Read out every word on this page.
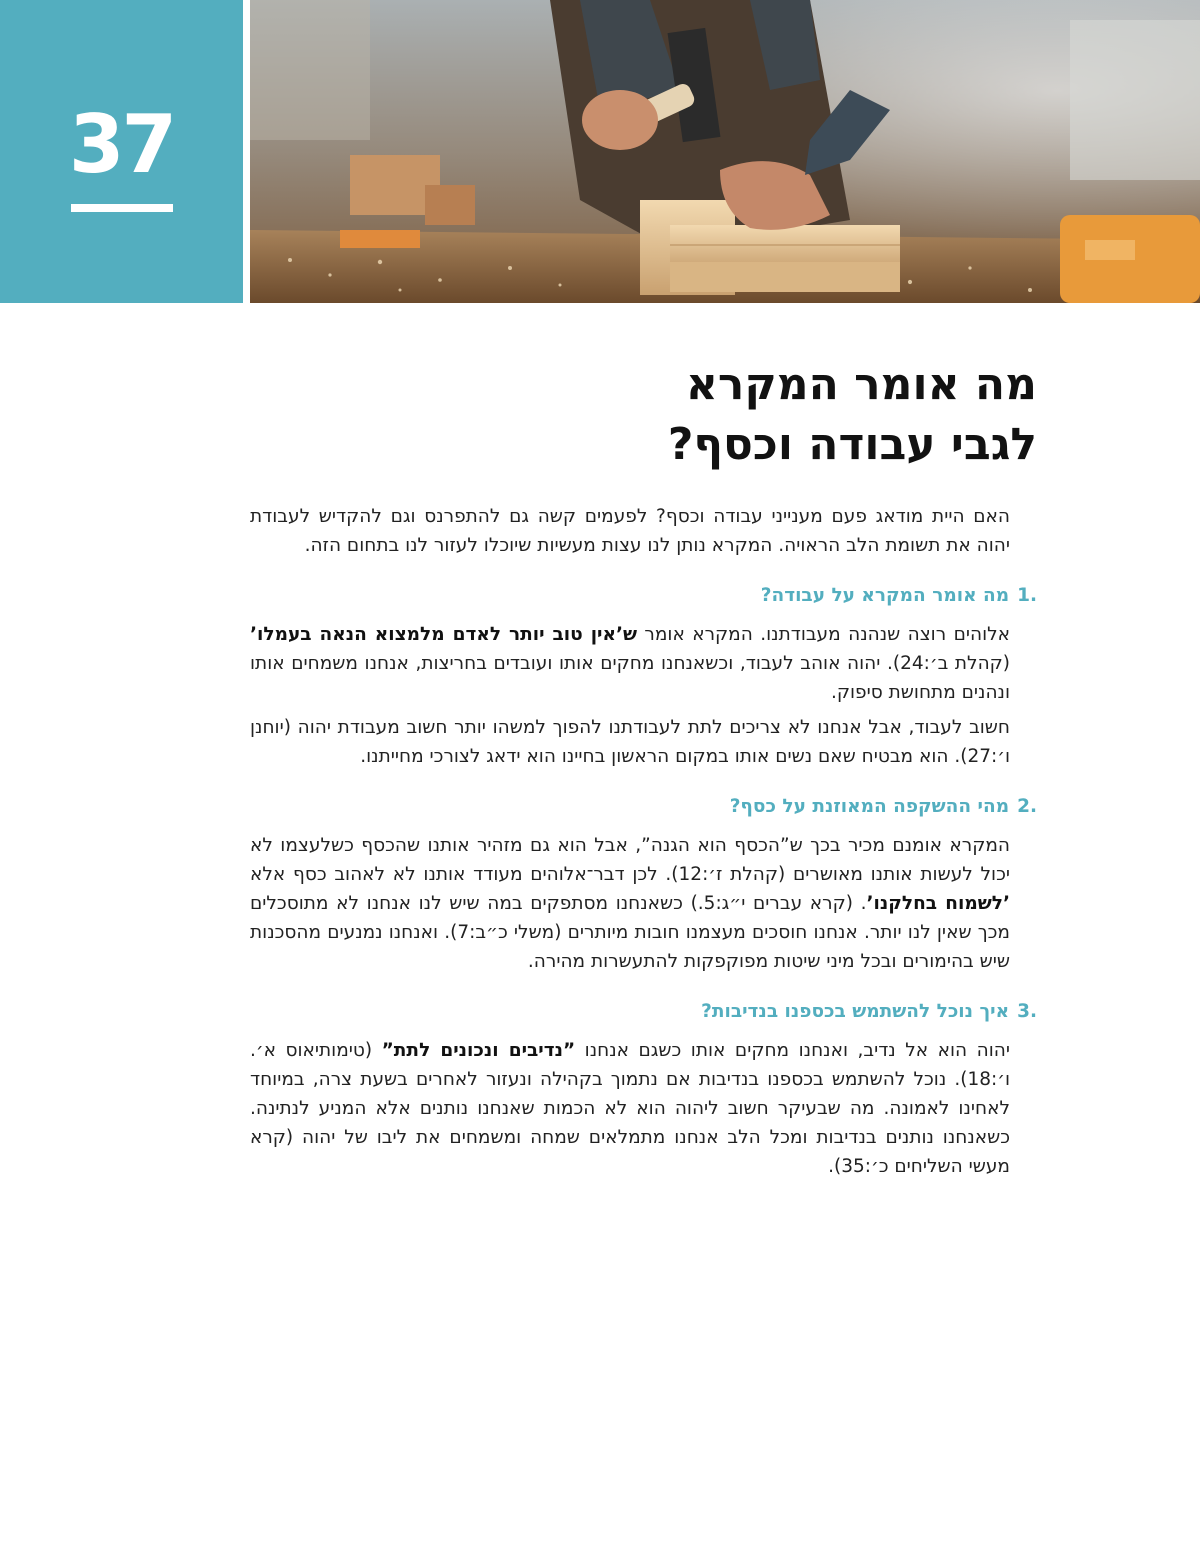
37
מה אומר המקרא
לגבי עבודה וכסף?

האם היית מודאג פעם מענייני עבודה וכסף? לפעמים קשה גם להתפרנס וגם להקדיש לעבודת יהוה את תשומת הלב הראויה. המקרא נותן לנו עצות מעשיות שיוכלו לעזור לנו בתחום הזה.

1.
מה אומר המקרא על עבודה?

אלוהים רוצה שנהנה מעבודתנו. המקרא אומר ש’אין טוב יותר לאדם מלמצוא הנאה בעמלו’ (קהלת ב׳:24). יהוה אוהב לעבוד, וכשאנחנו מחקים אותו ועובדים בחריצות, אנחנו משמחים אותו ונהנים מתחושת סיפוק.

חשוב לעבוד, אבל אנחנו לא צריכים לתת לעבודתנו להפוך למשהו יותר חשוב מעבודת יהוה (יוחנן ו׳:27). הוא מבטיח שאם נשים אותו במקום הראשון בחיינו הוא ידאג לצורכי מחייתנו.

2.
מהי ההשקפה המאוזנת על כסף?

המקרא אומנם מכיר בכך ש”הכסף הוא הגנה”, אבל הוא גם מזהיר אותנו שהכסף כשלעצמו לא יכול לעשות אותנו מאושרים (קהלת ז׳:12). לכן דבר־אלוהים מעודד אותנו לא לאהוב כסף אלא ’לשמוח בחלקנו’. (קרא עברים י״ג:5.) כשאנחנו מסתפקים במה שיש לנו אנחנו לא מתוסכלים מכך שאין לנו יותר. אנחנו חוסכים מעצמנו חובות מיותרים (משלי כ״ב:7). ואנחנו נמנעים מהסכנות שיש בהימורים ובכל מיני שיטות מפוקפקות להתעשרות מהירה.

3.
איך נוכל להשתמש בכספנו בנדיבות?

יהוה הוא אל נדיב, ואנחנו מחקים אותו כשגם אנחנו ”נדיבים ונכונים לתת” (טימותיאוס א׳. ו׳:18). נוכל להשתמש בכספנו בנדיבות אם נתמוך בקהילה ונעזור לאחרים בשעת צרה, במיוחד לאחינו לאמונה. מה שבעיקר חשוב ליהוה הוא לא הכמות שאנחנו נותנים אלא המניע לנתינה. כשאנחנו נותנים בנדיבות ומכל הלב אנחנו מתמלאים שמחה ומשמחים את ליבו של יהוה (קרא מעשי השליחים כ׳:35).
